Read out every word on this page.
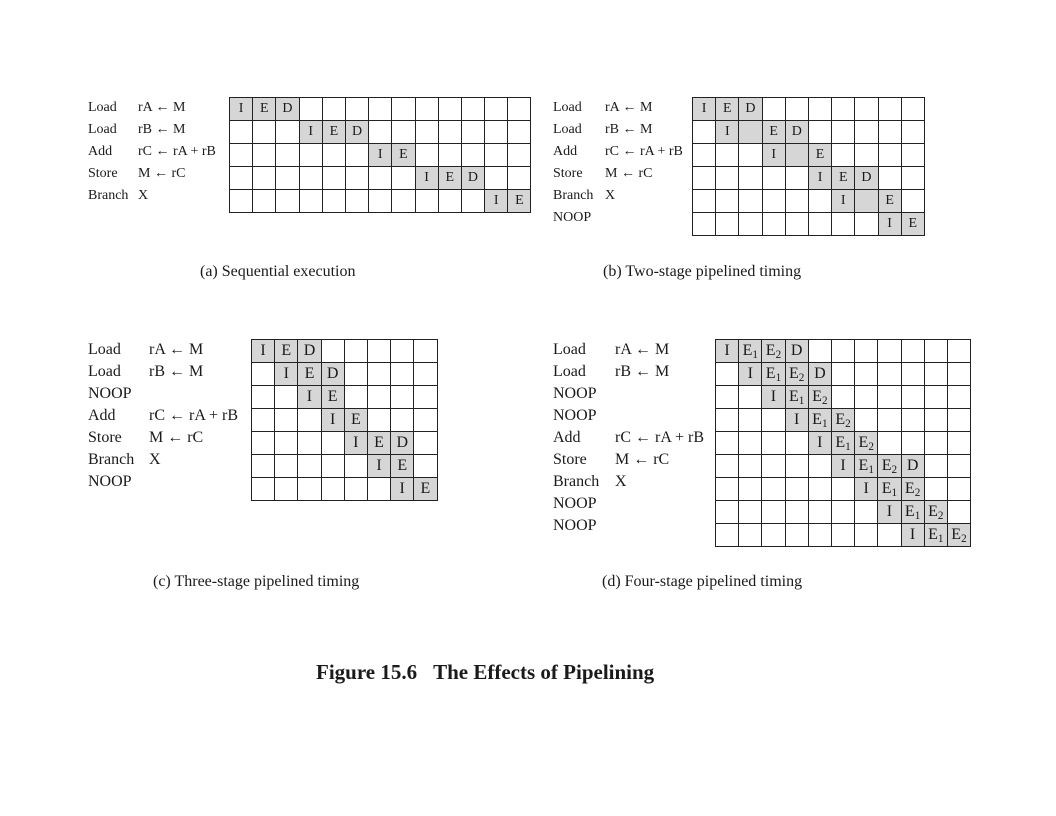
Load rA ← M
Load rB ← M
Add rC ← rA + rB
Store M ← rC
Branch X
I	E	D										
			I	E	D							
						I	E					
								I	E	D		
											I	E
(a) Sequential execution
Load rA ← M
Load rB ← M
Add rC ← rA + rB
Store M ← rC
Branch X
NOOP
I	E	D							
	I		E	D					
			I		E				
					I	E	D		
						I		E	
								I	E
(b) Two-stage pipelined timing
Load rA ← M
Load rB ← M
NOOP
Add rC ← rA + rB
Store M ← rC
Branch X
NOOP
I	E	D					
	I	E	D				
		I	E				
			I	E			
				I	E	D	
					I	E	
						I	E
(c) Three-stage pipelined timing
Load rA ← M
Load rB ← M
NOOP
NOOP
Add rC ← rA + rB
Store M ← rC
Branch X
NOOP
NOOP
I	$E_1$	$E_2$	D							
	I	$E_1$	$E_2$	D						
		I	$E_1$	$E_2$						
			I	$E_1$	$E_2$					
				I	$E_1$	$E_2$				
					I	$E_1$	$E_2$	D		
						I	$E_1$	$E_2$		
							I	$E_1$	$E_2$	
								I	$E_1$	$E_2$
(d) Four-stage pipelined timing
Figure 15.6 The Effects of Pipelining
